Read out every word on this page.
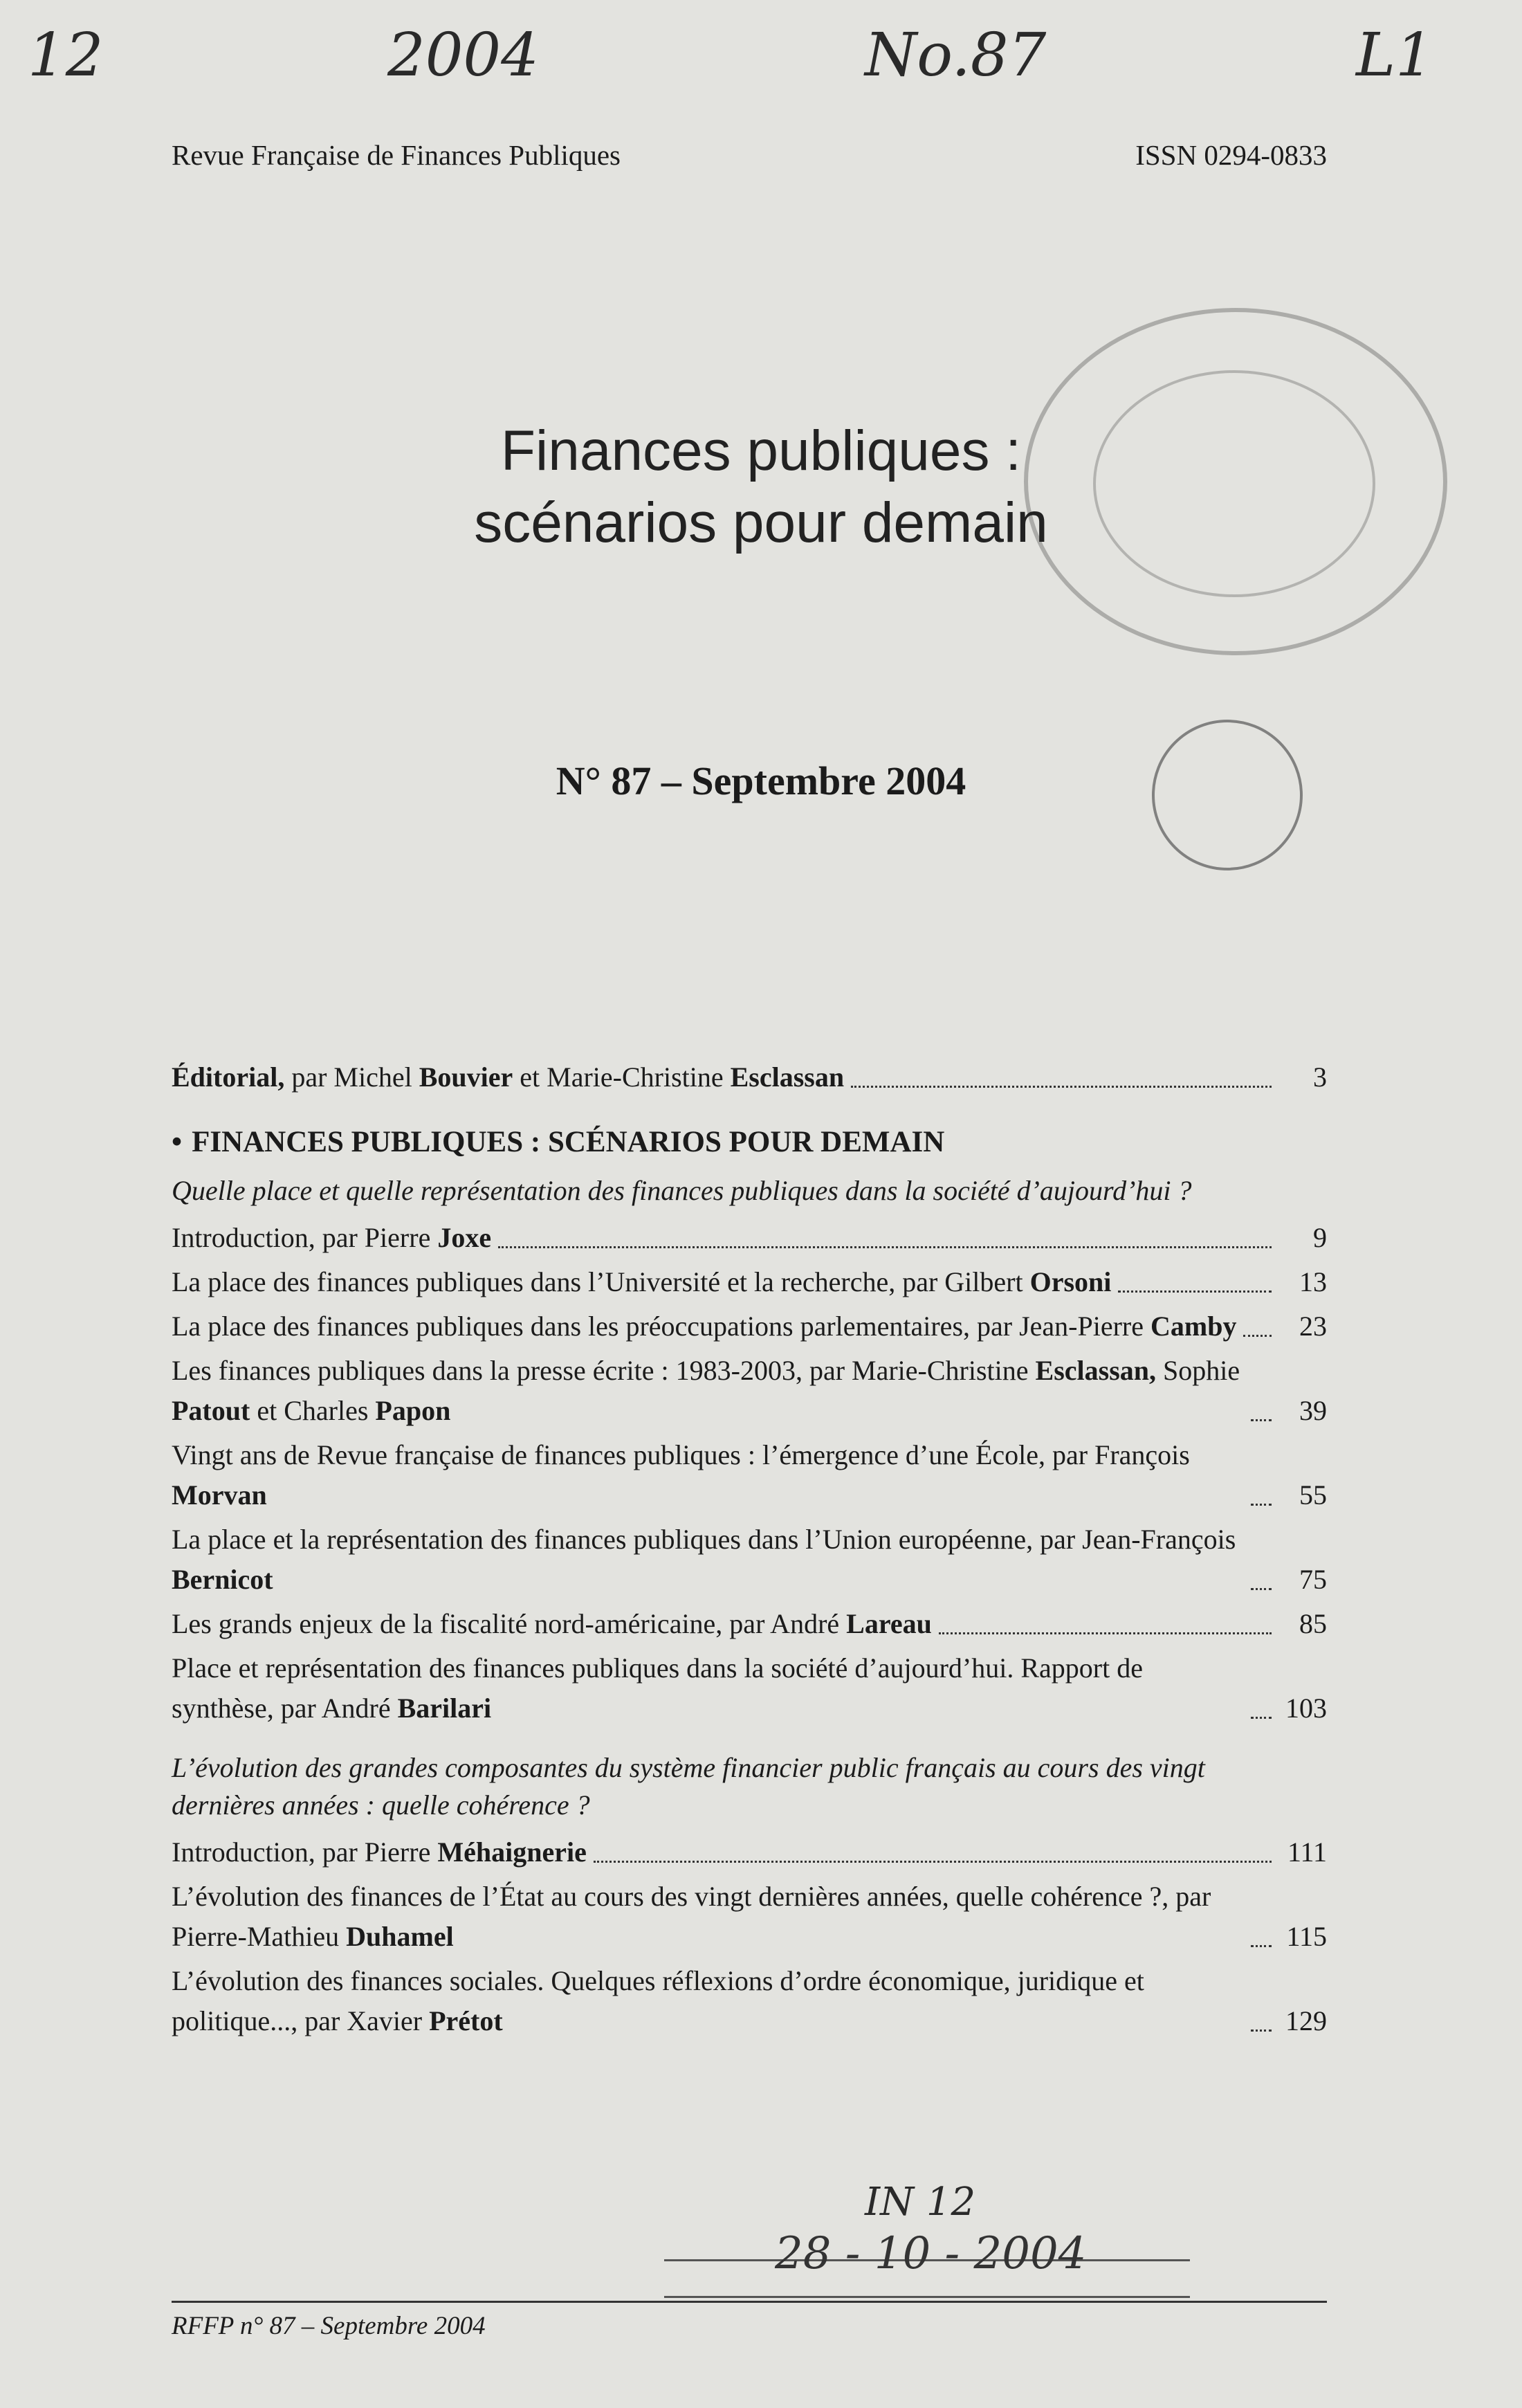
12	2004	No.87	L1
Revue Française de Finances Publiques	ISSN 0294-0833
Finances publiques :
scénarios pour demain
N° 87 – Septembre 2004
Éditorial, par Michel Bouvier et Marie-Christine Esclassan	3
• FINANCES PUBLIQUES : SCÉNARIOS POUR DEMAIN
Quelle place et quelle représentation des finances publiques dans la société d’aujourd’hui ?
Introduction, par Pierre Joxe	9
La place des finances publiques dans l’Université et la recherche, par Gilbert Orsoni	13
La place des finances publiques dans les préoccupations parlementaires, par Jean-Pierre Camby	23
Les finances publiques dans la presse écrite : 1983-2003, par Marie-Christine Esclassan, Sophie Patout et Charles Papon	39
Vingt ans de Revue française de finances publiques : l’émergence d’une École, par François Morvan	55
La place et la représentation des finances publiques dans l’Union européenne, par Jean-François Bernicot	75
Les grands enjeux de la fiscalité nord-américaine, par André Lareau	85
Place et représentation des finances publiques dans la société d’aujourd’hui. Rapport de synthèse, par André Barilari	103
L’évolution des grandes composantes du système financier public français au cours des vingt dernières années : quelle cohérence ?
Introduction, par Pierre Méhaignerie	111
L’évolution des finances de l’État au cours des vingt dernières années, quelle cohérence ?, par Pierre-Mathieu Duhamel	115
L’évolution des finances sociales. Quelques réflexions d’ordre économique, juridique et politique..., par Xavier Prétot	129
IN 12
28 - 10 - 2004
RFFP n° 87 – Septembre 2004
